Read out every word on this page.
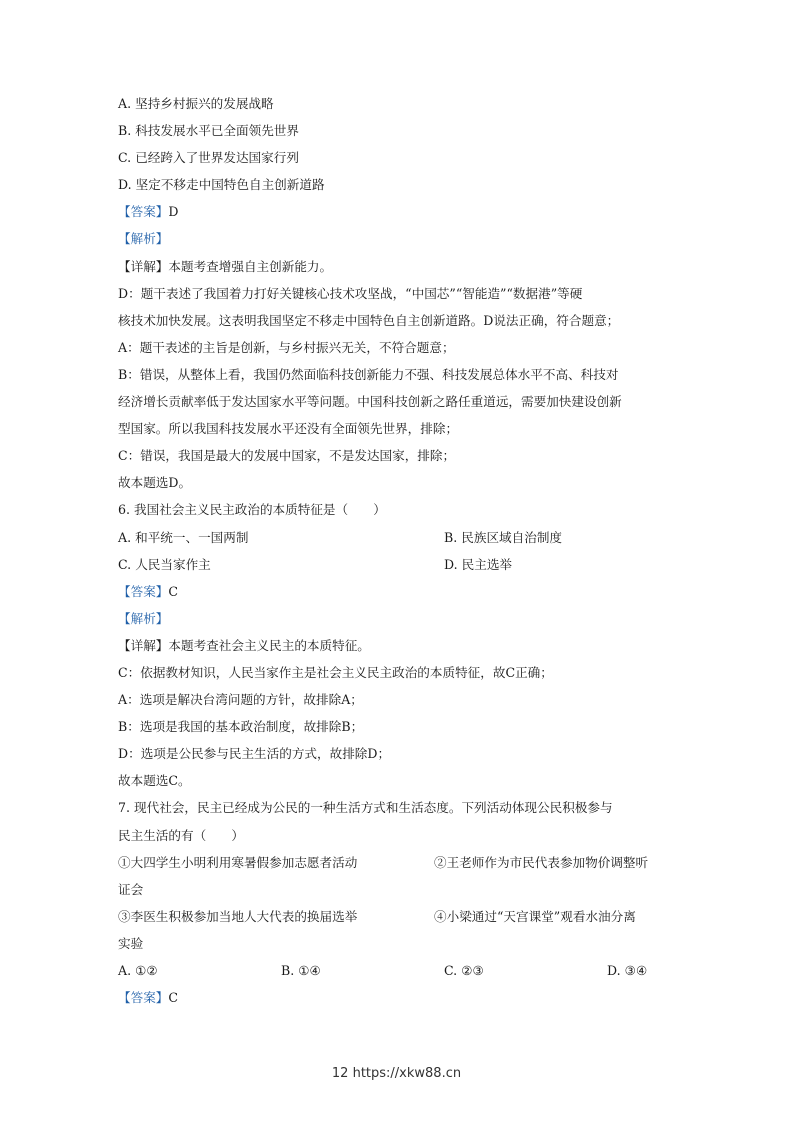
A. 坚持乡村振兴的发展战略
B. 科技发展水平已全面领先世界
C. 已经跨入了世界发达国家行列
D. 坚定不移走中国特色自主创新道路
【答案】D
【解析】
【详解】本题考查增强自主创新能力。
D：题干表述了我国着力打好关键核心技术攻坚战，“中国芯”“智能造”“数据港”等硬
核技术加快发展。这表明我国坚定不移走中国特色自主创新道路。D说法正确，符合题意；
A：题干表述的主旨是创新，与乡村振兴无关，不符合题意；
B：错误，从整体上看，我国仍然面临科技创新能力不强、科技发展总体水平不高、科技对
经济增长贡献率低于发达国家水平等问题。中国科技创新之路任重道远，需要加快建设创新
型国家。所以我国科技发展水平还没有全面领先世界，排除；
C：错误，我国是最大的发展中国家，不是发达国家，排除；
故本题选D。
6. 我国社会主义民主政治的本质特征是（　　）
A. 和平统一、一国两制	B. 民族区域自治制度
C. 人民当家作主	D. 民主选举
【答案】C
【解析】
【详解】本题考查社会主义民主的本质特征。
C：依据教材知识，人民当家作主是社会主义民主政治的本质特征，故C正确；
A：选项是解决台湾问题的方针，故排除A；
B：选项是我国的基本政治制度，故排除B；
D：选项是公民参与民主生活的方式，故排除D；
故本题选C。
7. 现代社会，民主已经成为公民的一种生活方式和生活态度。下列活动体现公民积极参与
民主生活的有（　　）
①大四学生小明利用寒暑假参加志愿者活动	②王老师作为市民代表参加物价调整听
证会
③李医生积极参加当地人大代表的换届选举	④小梁通过“天宫课堂”观看水油分离
实验
A. ①②	B. ①④	C. ②③	D. ③④
【答案】C
12 https://xkw88.cn
